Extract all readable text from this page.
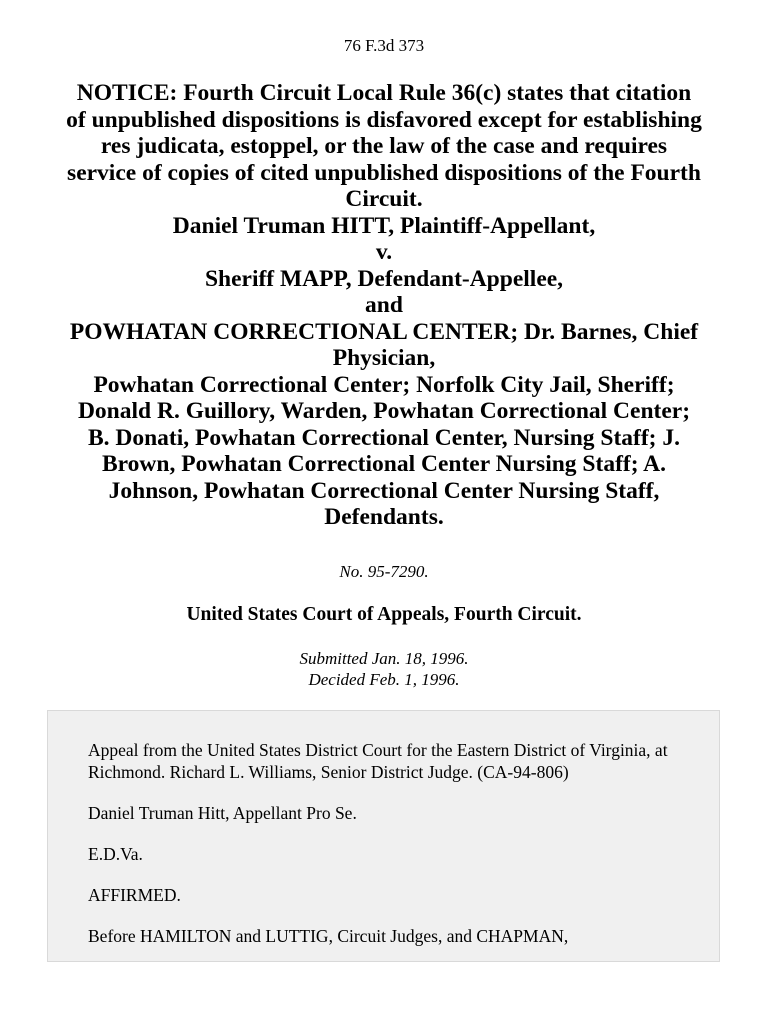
76 F.3d 373
NOTICE: Fourth Circuit Local Rule 36(c) states that citation
of unpublished dispositions is disfavored except for establishing
res judicata, estoppel, or the law of the case and requires
service of copies of cited unpublished dispositions of the Fourth
Circuit.
Daniel Truman HITT, Plaintiff-Appellant,
v.
Sheriff MAPP, Defendant-Appellee,
and
POWHATAN CORRECTIONAL CENTER; Dr. Barnes, Chief
Physician,
Powhatan Correctional Center; Norfolk City Jail, Sheriff;
Donald R. Guillory, Warden, Powhatan Correctional Center;
B. Donati, Powhatan Correctional Center, Nursing Staff; J.
Brown, Powhatan Correctional Center Nursing Staff; A.
Johnson, Powhatan Correctional Center Nursing Staff,
Defendants.
No. 95-7290.
United States Court of Appeals, Fourth Circuit.
Submitted Jan. 18, 1996.
Decided Feb. 1, 1996.

Appeal from the United States District Court for the Eastern District of Virginia, at Richmond. Richard L. Williams, Senior District Judge. (CA-94-806)

Daniel Truman Hitt, Appellant Pro Se.

E.D.Va.

AFFIRMED.

Before HAMILTON and LUTTIG, Circuit Judges, and CHAPMAN,
